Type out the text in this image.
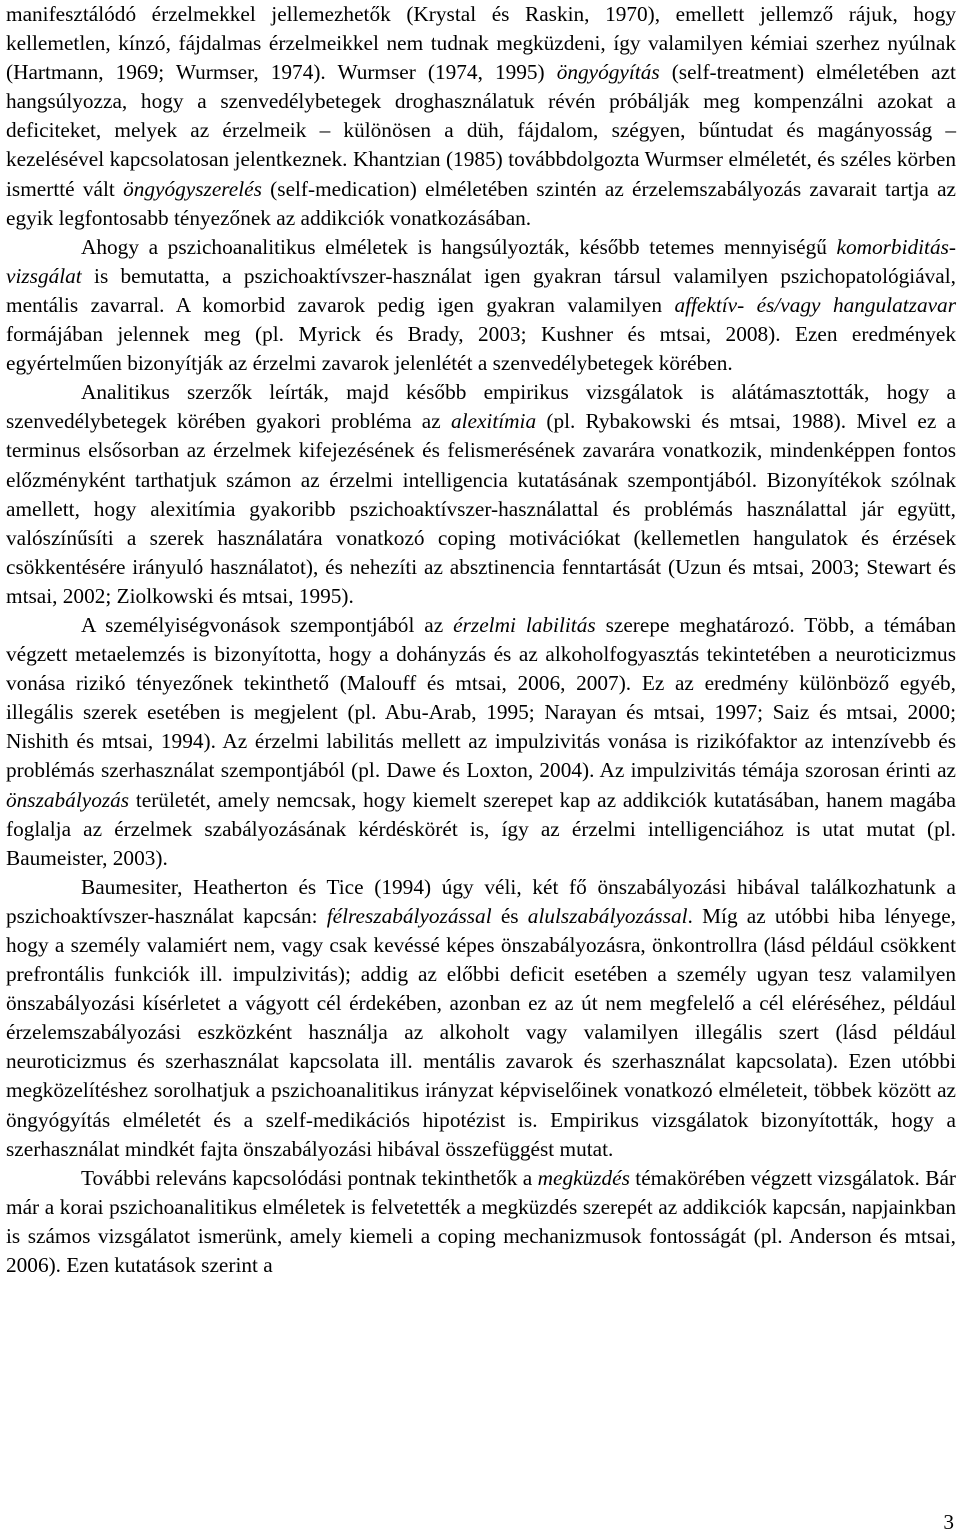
manifesztálódó érzelmekkel jellemezhetők (Krystal és Raskin, 1970), emellett jellemző rájuk, hogy kellemetlen, kínzó, fájdalmas érzelmeikkel nem tudnak megküzdeni, így valamilyen kémiai szerhez nyúlnak (Hartmann, 1969; Wurmser, 1974). Wurmser (1974, 1995) öngyógyítás (self-treatment) elméletében azt hangsúlyozza, hogy a szenvedélybetegek droghasználatuk révén próbálják meg kompenzálni azokat a deficiteket, melyek az érzelmeik – különösen a düh, fájdalom, szégyen, bűntudat és magányosság – kezelésével kapcsolatosan jelentkeznek. Khantzian (1985) továbbdolgozta Wurmser elméletét, és széles körben ismertté vált öngyógyszerelés (self-medication) elméletében szintén az érzelemszabályozás zavarait tartja az egyik legfontosabb tényezőnek az addikciók vonatkozásában.

Ahogy a pszichoanalitikus elméletek is hangsúlyozták, később tetemes mennyiségű komorbiditás-vizsgálat is bemutatta, a pszichoaktívszer-használat igen gyakran társul valamilyen pszichopatológiával, mentális zavarral. A komorbid zavarok pedig igen gyakran valamilyen affektív- és/vagy hangulatzavar formájában jelennek meg (pl. Myrick és Brady, 2003; Kushner és mtsai, 2008). Ezen eredmények egyértelműen bizonyítják az érzelmi zavarok jelenlétét a szenvedélybetegek körében.

Analitikus szerzők leírták, majd később empirikus vizsgálatok is alátámasztották, hogy a szenvedélybetegek körében gyakori probléma az alexitímia (pl. Rybakowski és mtsai, 1988). Mivel ez a terminus elsősorban az érzelmek kifejezésének és felismerésének zavarára vonatkozik, mindenképpen fontos előzményként tarthatjuk számon az érzelmi intelligencia kutatásának szempontjából. Bizonyítékok szólnak amellett, hogy alexitímia gyakoribb pszichoaktívszer-használattal és problémás használattal jár együtt, valószínűsíti a szerek használatára vonatkozó coping motivációkat (kellemetlen hangulatok és érzések csökkentésére irányuló használatot), és nehezíti az absztinencia fenntartását (Uzun és mtsai, 2003; Stewart és mtsai, 2002; Ziolkowski és mtsai, 1995).

A személyiségvonások szempontjából az érzelmi labilitás szerepe meghatározó. Több, a témában végzett metaelemzés is bizonyította, hogy a dohányzás és az alkoholfogyasztás tekintetében a neuroticizmus vonása rizikó tényezőnek tekinthető (Malouff és mtsai, 2006, 2007). Ez az eredmény különböző egyéb, illegális szerek esetében is megjelent (pl. Abu-Arab, 1995; Narayan és mtsai, 1997; Saiz és mtsai, 2000; Nishith és mtsai, 1994). Az érzelmi labilitás mellett az impulzivitás vonása is rizikófaktor az intenzívebb és problémás szerhasználat szempontjából (pl. Dawe és Loxton, 2004). Az impulzivitás témája szorosan érinti az önszabályozás területét, amely nemcsak, hogy kiemelt szerepet kap az addikciók kutatásában, hanem magába foglalja az érzelmek szabályozásának kérdéskörét is, így az érzelmi intelligenciához is utat mutat (pl. Baumeister, 2003).

Baumesiter, Heatherton és Tice (1994) úgy véli, két fő önszabályozási hibával találkozhatunk a pszichoaktívszer-használat kapcsán: félreszabályozással és alulszabályozással. Míg az utóbbi hiba lényege, hogy a személy valamiért nem, vagy csak kevéssé képes önszabályozásra, önkontrollra (lásd például csökkent prefrontális funkciók ill. impulzivitás); addig az előbbi deficit esetében a személy ugyan tesz valamilyen önszabályozási kísérletet a vágyott cél érdekében, azonban ez az út nem megfelelő a cél eléréséhez, például érzelemszabályozási eszközként használja az alkoholt vagy valamilyen illegális szert (lásd például neuroticizmus és szerhasználat kapcsolata ill. mentális zavarok és szerhasználat kapcsolata). Ezen utóbbi megközelítéshez sorolhatjuk a pszichoanalitikus irányzat képviselőinek vonatkozó elméleteit, többek között az öngyógyítás elméletét és a szelf-medikációs hipotézist is. Empirikus vizsgálatok bizonyították, hogy a szerhasználat mindkét fajta önszabályozási hibával összefüggést mutat.

További releváns kapcsolódási pontnak tekinthetők a megküzdés témakörében végzett vizsgálatok. Bár már a korai pszichoanalitikus elméletek is felvetették a megküzdés szerepét az addikciók kapcsán, napjainkban is számos vizsgálatot ismerünk, amely kiemeli a coping mechanizmusok fontosságát (pl. Anderson és mtsai, 2006). Ezen kutatások szerint a

3
